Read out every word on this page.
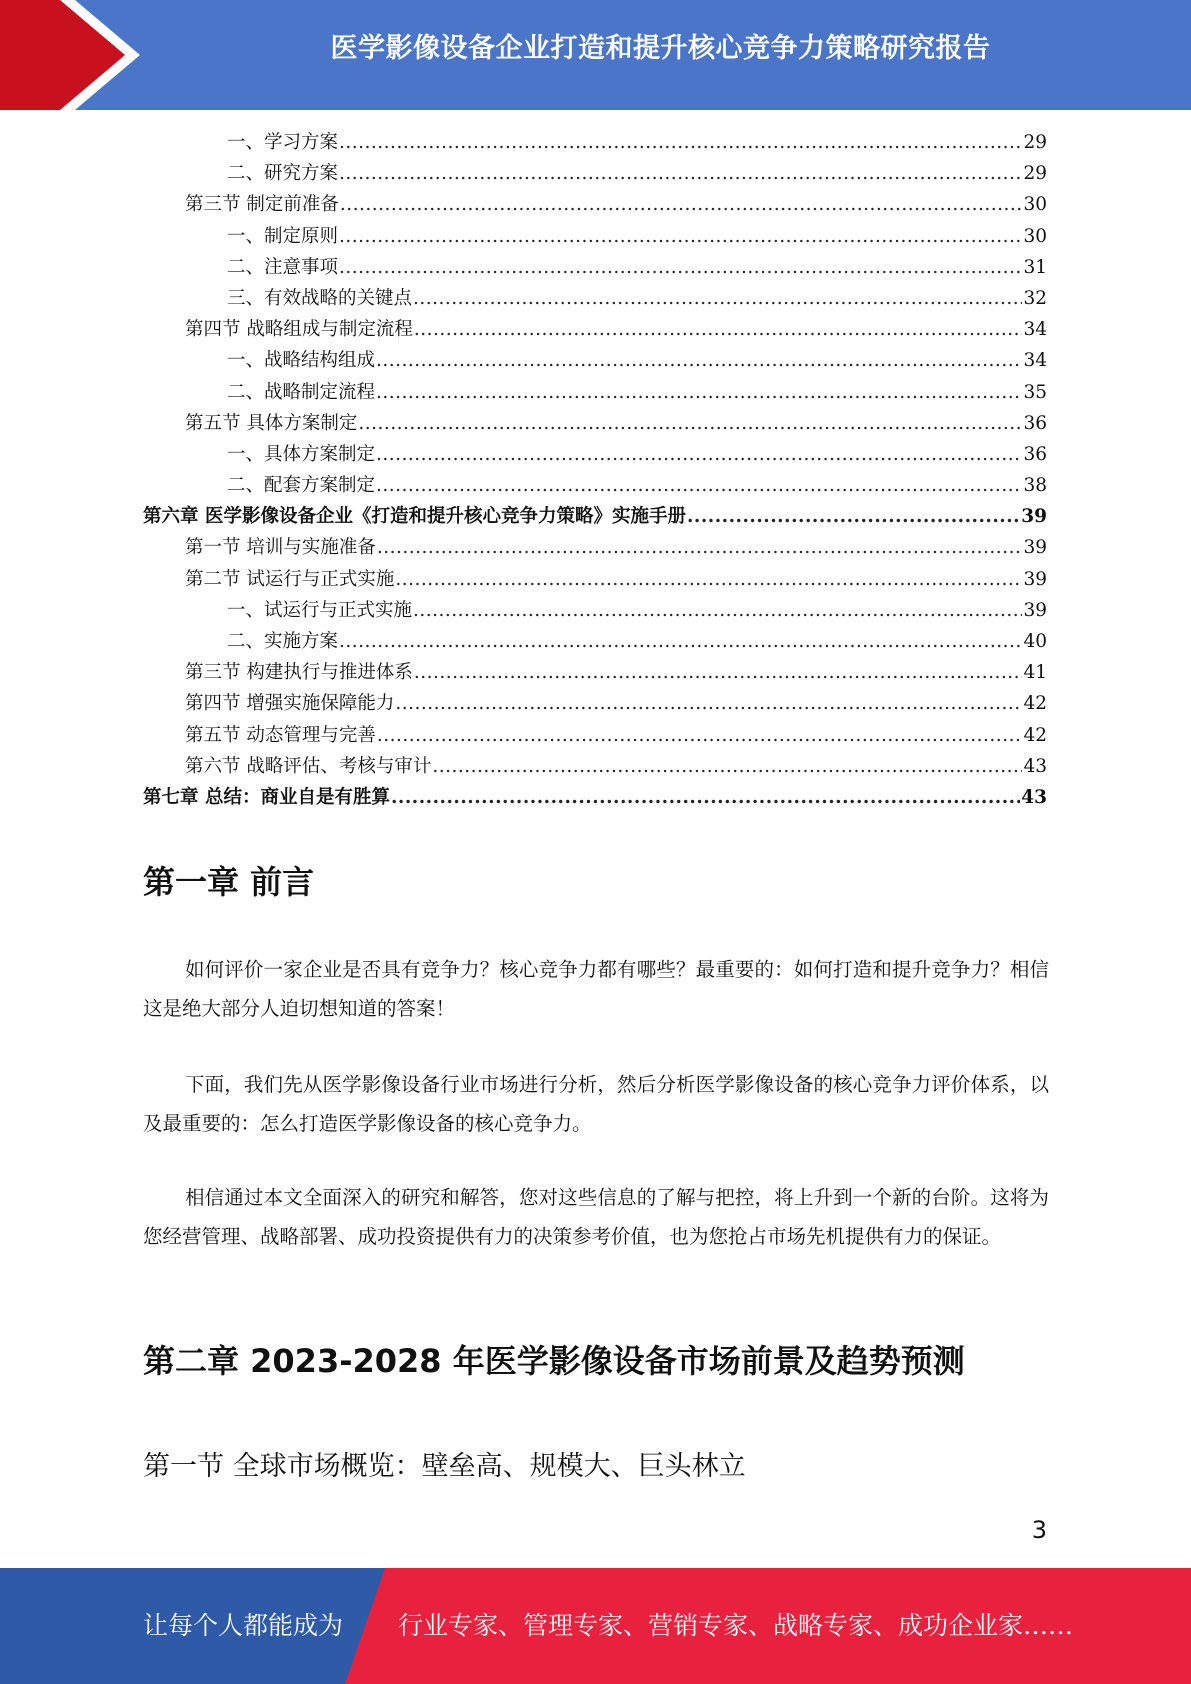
医学影像设备企业打造和提升核心竞争力策略研究报告
一、学习方案 .....	29
二、研究方案 .....	29
第三节 制定前准备 .....	30
一、制定原则 .....	30
二、注意事项 .....	31
三、有效战略的关键点 .....	32
第四节 战略组成与制定流程 .....	34
一、战略结构组成 .....	34
二、战略制定流程 .....	35
第五节 具体方案制定 .....	36
一、具体方案制定 .....	36
二、配套方案制定 .....	38
第六章 医学影像设备企业《打造和提升核心竞争力策略》实施手册 .....	39
第一节 培训与实施准备 .....	39
第二节 试运行与正式实施 .....	39
一、试运行与正式实施 .....	39
二、实施方案 .....	40
第三节 构建执行与推进体系 .....	41
第四节 增强实施保障能力 .....	42
第五节 动态管理与完善 .....	42
第六节 战略评估、考核与审计 .....	43
第七章 总结：商业自是有胜算 .....	43
第一章 前言
如何评价一家企业是否具有竞争力？核心竞争力都有哪些？最重要的：如何打造和提升竞争力？相信这是绝大部分人迫切想知道的答案！
下面，我们先从医学影像设备行业市场进行分析，然后分析医学影像设备的核心竞争力评价体系，以及最重要的：怎么打造医学影像设备的核心竞争力。
相信通过本文全面深入的研究和解答，您对这些信息的了解与把控，将上升到一个新的台阶。这将为您经营管理、战略部署、成功投资提供有力的决策参考价值，也为您抢占市场先机提供有力的保证。
第二章 2023-2028 年医学影像设备市场前景及趋势预测
第一节 全球市场概览：壁垒高、规模大、巨头林立
3
让每个人都能成为 行业专家、管理专家、营销专家、战略专家、成功企业家……
